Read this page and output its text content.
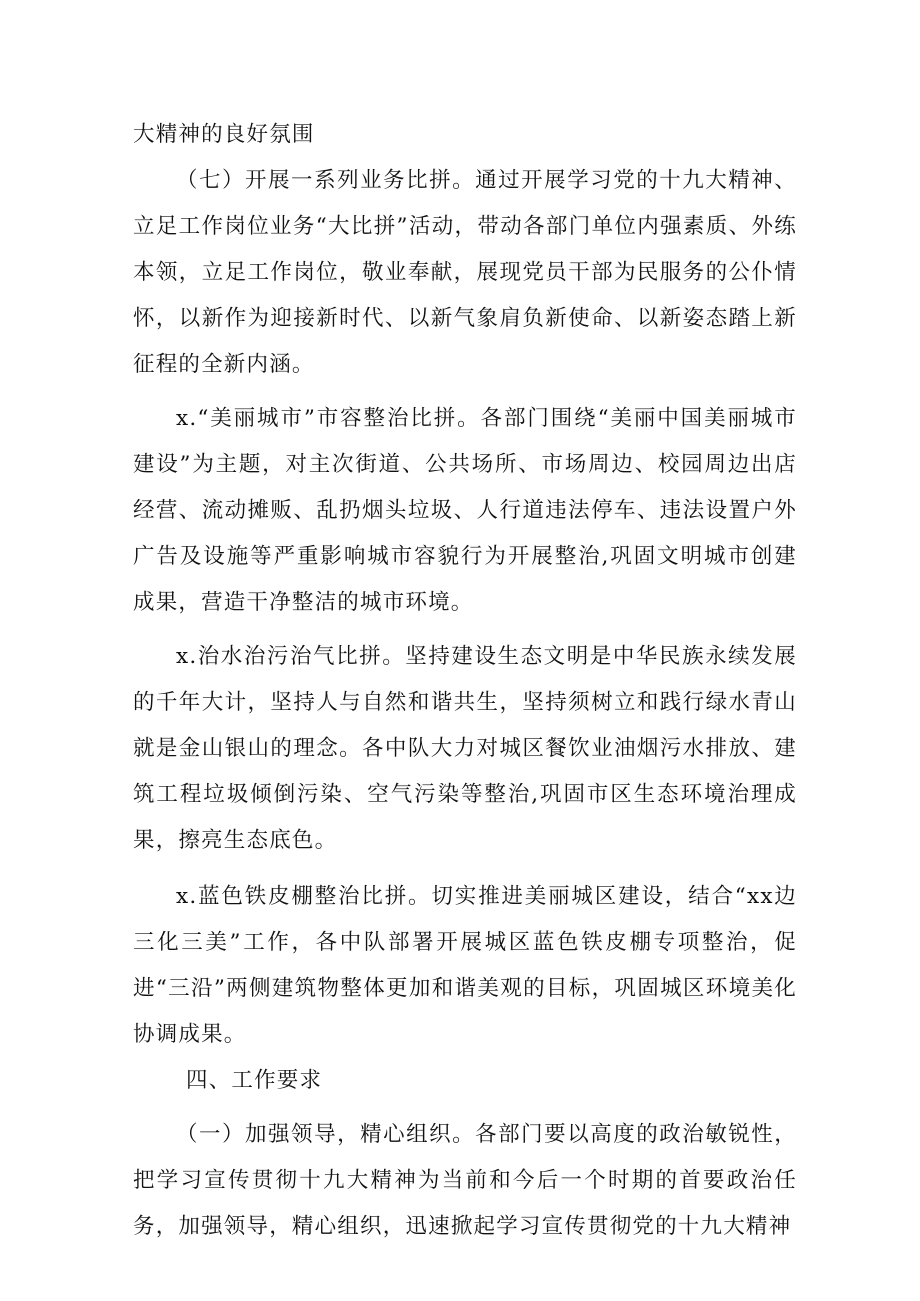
大精神的良好氛围

（七）开展一系列业务比拼。通过开展学习党的十九大精神、立足工作岗位业务“大比拼”活动，带动各部门单位内强素质、外练本领，立足工作岗位，敬业奉献，展现党员干部为民服务的公仆情怀，以新作为迎接新时代、以新气象肩负新使命、以新姿态踏上新征程的全新内涵。

x.“美丽城市”市容整治比拼。各部门围绕“美丽中国美丽城市建设”为主题，对主次街道、公共场所、市场周边、校园周边出店经营、流动摊贩、乱扔烟头垃圾、人行道违法停车、违法设置户外广告及设施等严重影响城市容貌行为开展整治,巩固文明城市创建成果，营造干净整洁的城市环境。

x.治水治污治气比拼。坚持建设生态文明是中华民族永续发展的千年大计，坚持人与自然和谐共生，坚持须树立和践行绿水青山就是金山银山的理念。各中队大力对城区餐饮业油烟污水排放、建筑工程垃圾倾倒污染、空气污染等整治,巩固市区生态环境治理成果，擦亮生态底色。

x.蓝色铁皮棚整治比拼。切实推进美丽城区建设，结合“xx边三化三美”工作，各中队部署开展城区蓝色铁皮棚专项整治，促进“三沿”两侧建筑物整体更加和谐美观的目标，巩固城区环境美化协调成果。

四、工作要求

（一）加强领导，精心组织。各部门要以高度的政治敏锐性，把学习宣传贯彻十九大精神为当前和今后一个时期的首要政治任务，加强领导，精心组织，迅速掀起学习宣传贯彻党的十九大精神
